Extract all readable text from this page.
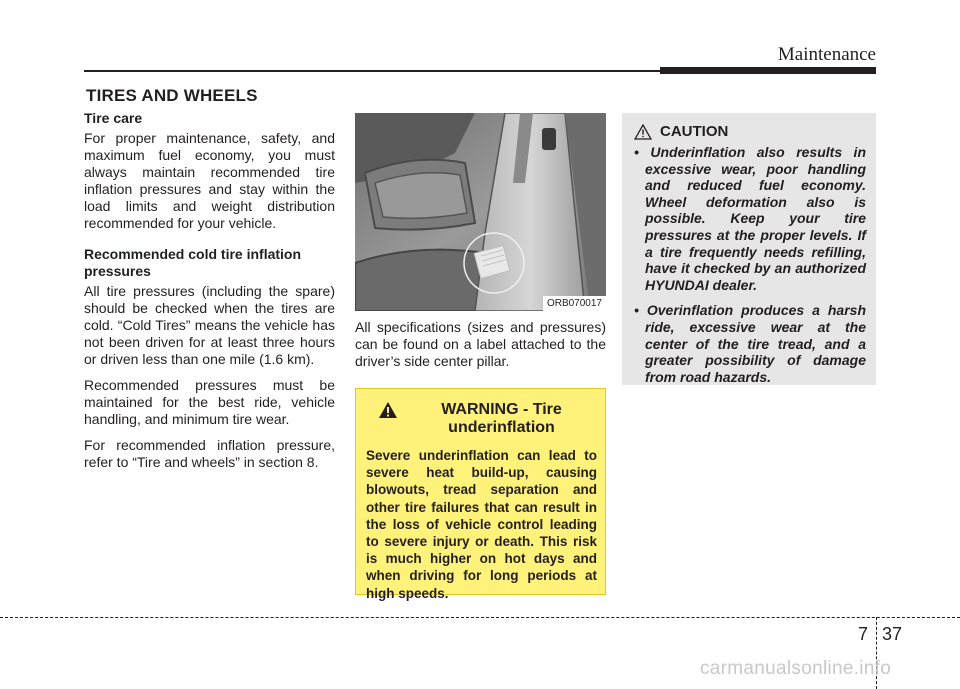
Maintenance
TIRES AND WHEELS
Tire care

For proper maintenance, safety, and maximum fuel economy, you must always maintain recommended tire inflation pressures and stay within the load limits and weight distribution recommended for your vehicle.

Recommended cold tire inflation pressures

All tire pressures (including the spare) should be checked when the tires are cold. “Cold Tires” means the vehicle has not been driven for at least three hours or driven less than one mile (1.6 km).

Recommended pressures must be maintained for the best ride, vehicle handling, and minimum tire wear.

For recommended inflation pressure, refer to “Tire and wheels” in section 8.

ORB070017
All specifications (sizes and pressures) can be found on a label attached to the driver’s side center pillar.
WARNING - Tire underinflation
Severe underinflation can lead to severe heat build-up, causing blowouts, tread separation and other tire failures that can result in the loss of vehicle control leading to severe injury or death. This risk is much higher on hot days and when driving for long periods at high speeds.
CAUTION
• Underinflation also results in excessive wear, poor handling and reduced fuel economy. Wheel deformation also is possible. Keep your tire pressures at the proper levels. If a tire frequently needs refilling, have it checked by an authorized HYUNDAI dealer.
• Overinflation produces a harsh ride, excessive wear at the center of the tire tread, and a greater possibility of damage from road hazards.
7 37
carmanualsonline.info
